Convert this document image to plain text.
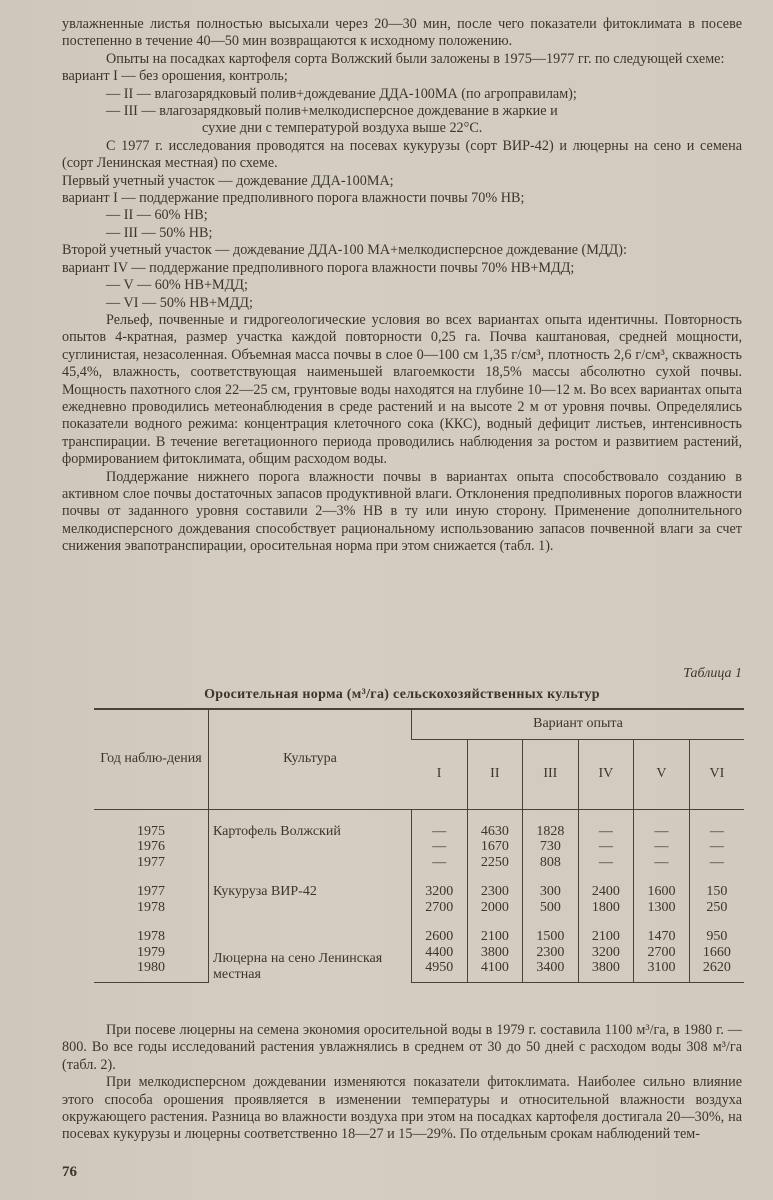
увлажненные листья полностью высыхали через 20—30 мин, после чего показатели фитоклимата в посеве постепенно в течение 40—50 мин возвращаются к исходному положению.

Опыты на посадках картофеля сорта Волжский были заложены в 1975—1977 гг. по следующей схеме:

вариант I — без орошения, контроль;

— II — влагозарядковый полив+дождевание ДДА-100МА (по агроправилам);

— III — влагозарядковый полив+мелкодисперсное дождевание в жаркие и

сухие дни с температурой воздуха выше 22°С.

С 1977 г. исследования проводятся на посевах кукурузы (сорт ВИР-42) и люцерны на сено и семена (сорт Ленинская местная) по схеме.

Первый учетный участок — дождевание ДДА-100МА;

вариант I — поддержание предполивного порога влажности почвы 70% НВ;

— II — 60% НВ;

— III — 50% НВ;

Второй учетный участок — дождевание ДДА-100 МА+мелкодисперсное дождевание (МДД):

вариант IV — поддержание предполивного порога влажности почвы 70% НВ+МДД;

— V — 60% НВ+МДД;

— VI — 50% НВ+МДД;

Рельеф, почвенные и гидрогеологические условия во всех вариантах опыта идентичны. Повторность опытов 4-кратная, размер участка каждой повторности 0,25 га. Почва каштановая, средней мощности, суглинистая, незасоленная. Объемная масса почвы в слое 0—100 см 1,35 г/см³, плотность 2,6 г/см³, скважность 45,4%, влажность, соответствующая наименьшей влагоемкости 18,5% массы абсолютно сухой почвы. Мощность пахотного слоя 22—25 см, грунтовые воды находятся на глубине 10—12 м. Во всех вариантах опыта ежедневно проводились метеонаблюдения в среде растений и на высоте 2 м от уровня почвы. Определялись показатели водного режима: концентрация клеточного сока (ККС), водный дефицит листьев, интенсивность транспирации. В течение вегетационного периода проводились наблюдения за ростом и развитием растений, формированием фитоклимата, общим расходом воды.

Поддержание нижнего порога влажности почвы в вариантах опыта способствовало созданию в активном слое почвы достаточных запасов продуктивной влаги. Отклонения предполивных порогов влажности почвы от заданного уровня составили 2—3% НВ в ту или иную сторону. Применение дополнительного мелкодисперсного дождевания способствует рациональному использованию запасов почвенной влаги за счет снижения эвапотранспирации, оросительная норма при этом снижается (табл. 1).

Таблица 1
Оросительная норма (м³/га) сельскохозяйственных культур
Год наблю-дения	Культура	Вариант опыта					
		I	II	III	IV	V	VI

1975	Картофель Волжский	—	4630	1828	—	—	—
1976		—	1670	730	—	—	—
1977		—	2250	808	—	—	—

1977	Кукуруза ВИР-42	3200	2300	300	2400	1600	150
1978		2700	2000	500	1800	1300	250

1978	Люцерна на сено Ленинская местная	2600	2100	1500	2100	1470	950
1979		4400	3800	2300	3200	2700	1660
1980		4950	4100	3400	3800	3100	2620

При посеве люцерны на семена экономия оросительной воды в 1979 г. составила 1100 м³/га, в 1980 г. — 800. Во все годы исследований растения увлажнялись в среднем от 30 до 50 дней с расходом воды 308 м³/га (табл. 2).

При мелкодисперсном дождевании изменяются показатели фитоклимата. Наиболее сильно влияние этого способа орошения проявляется в изменении температуры и относительной влажности воздуха окружающего растения. Разница во влажности воздуха при этом на посадках картофеля достигала 20—30%, на посевах кукурузы и люцерны соответственно 18—27 и 15—29%. По отдельным срокам наблюдений тем-

76
